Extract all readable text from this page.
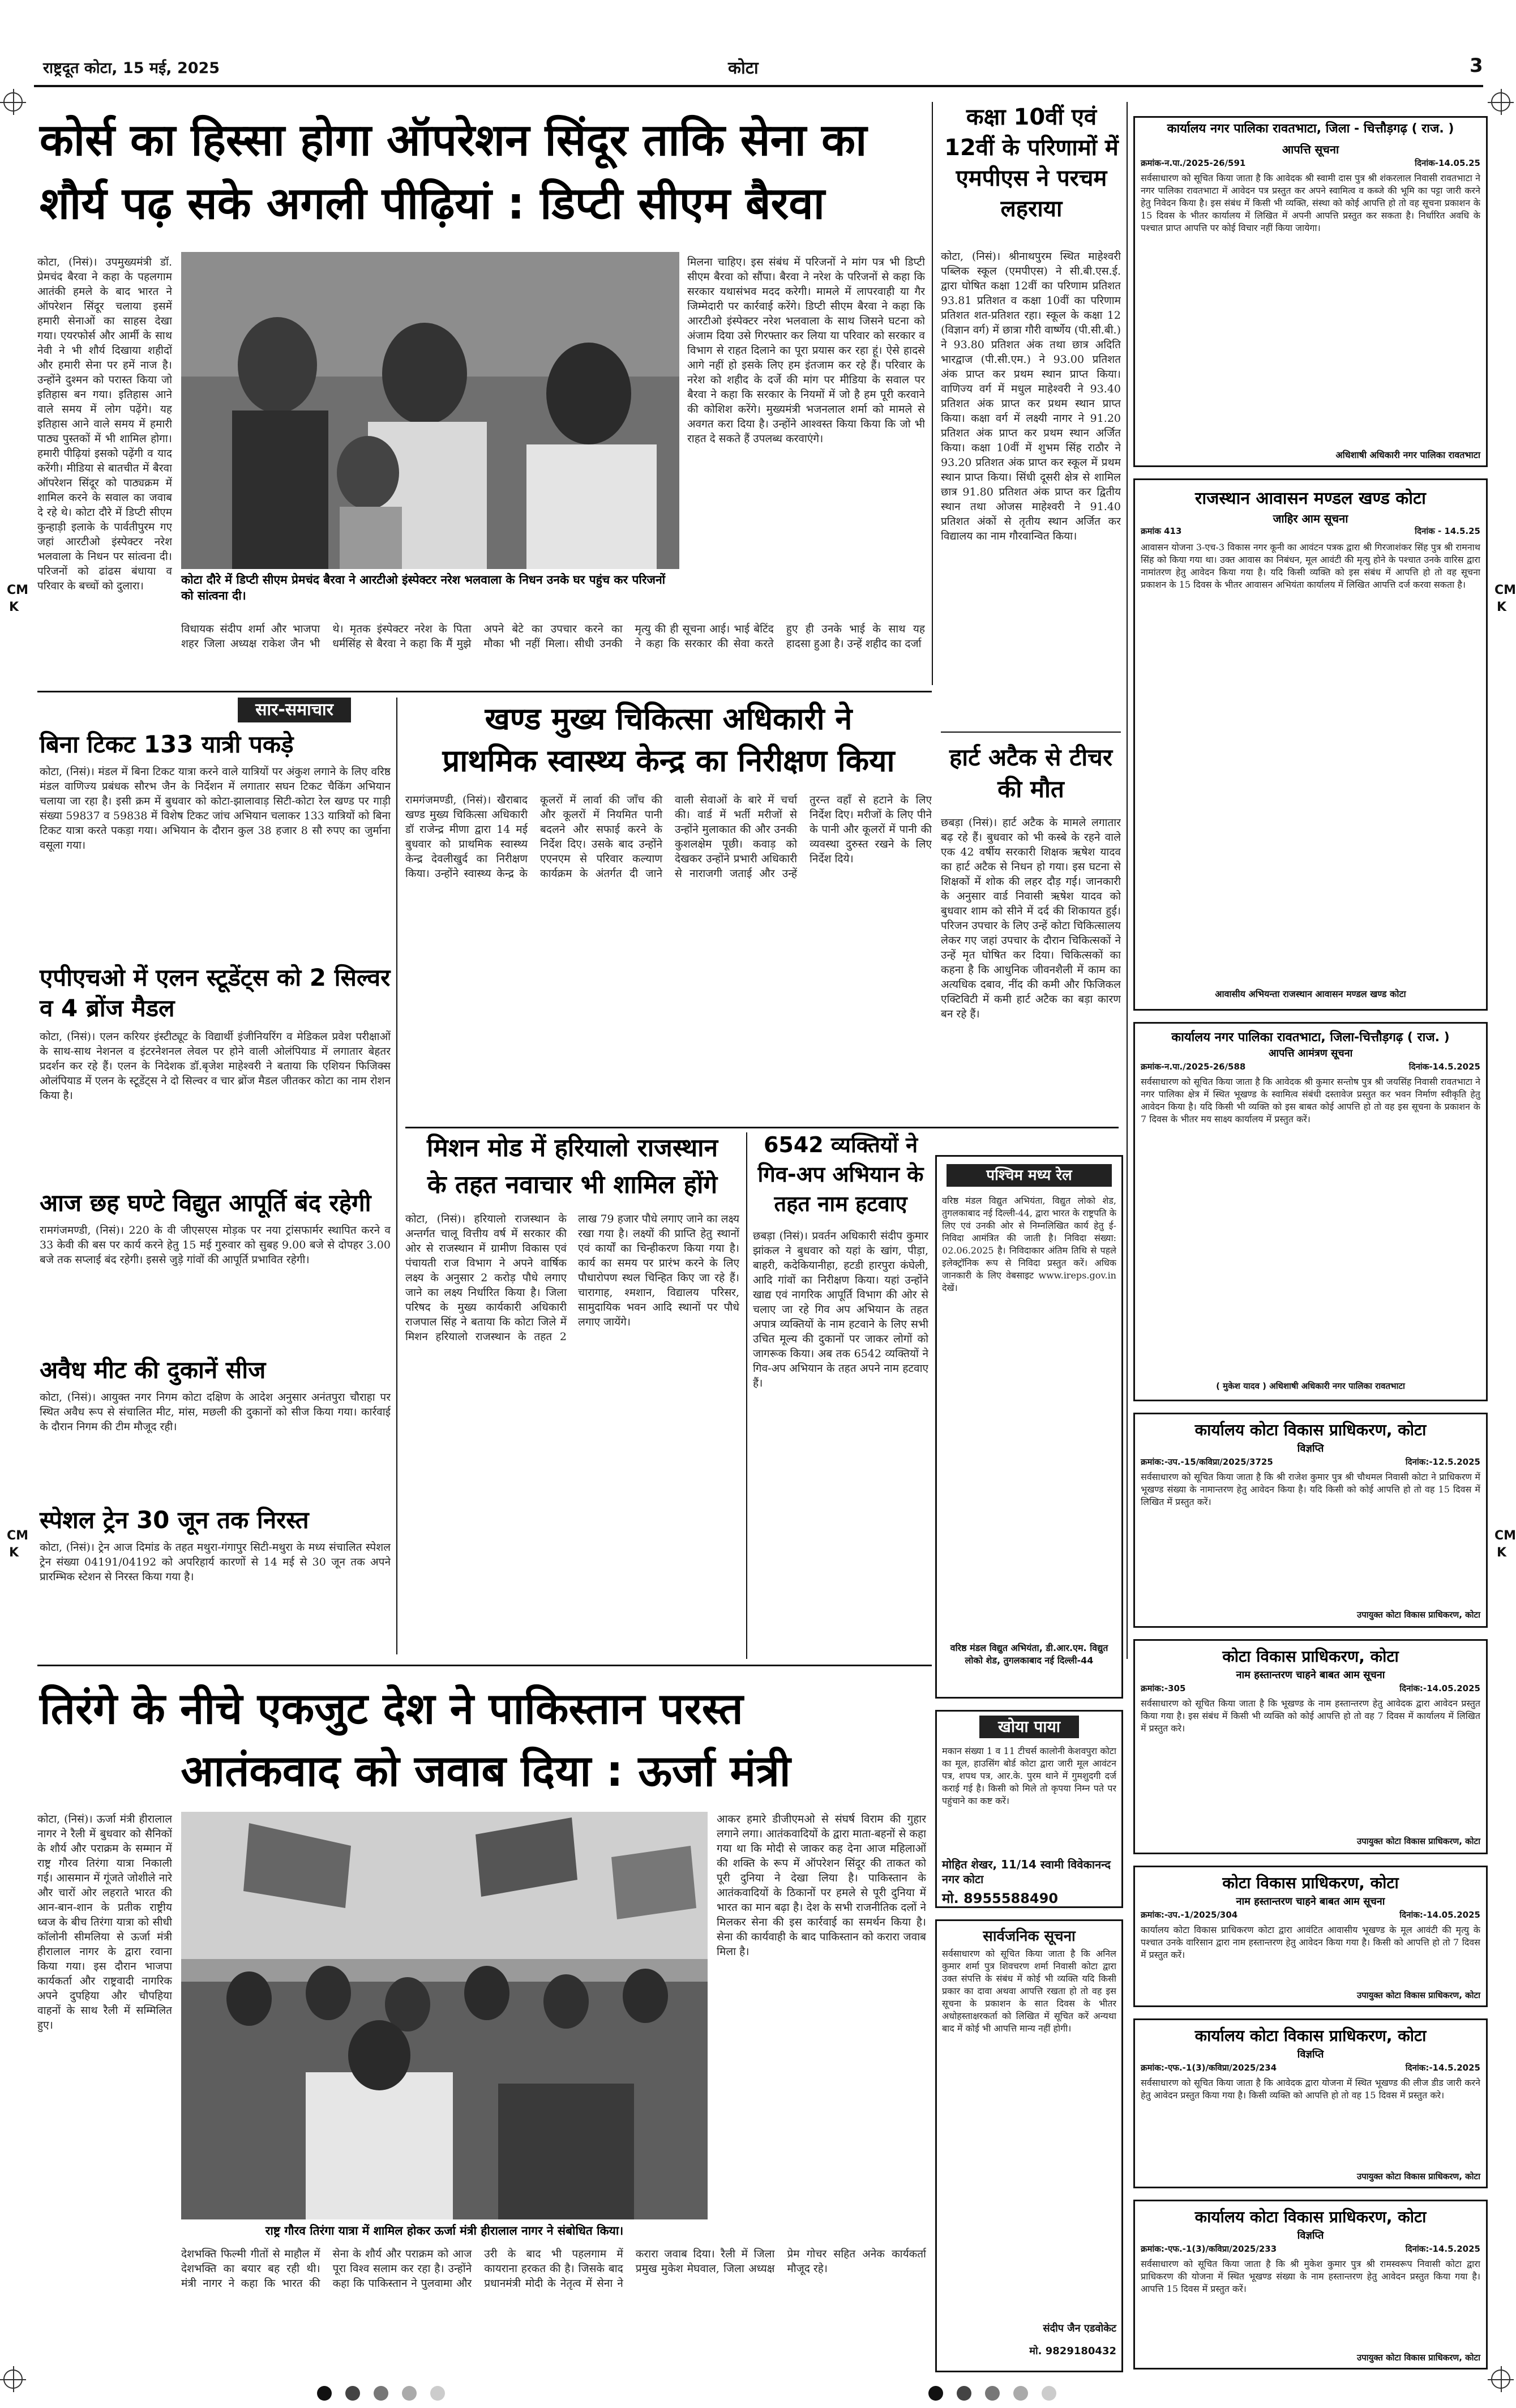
राष्ट्रदूत कोटा, 15 मई, 2025	कोटा	3
CM
K
CM
K
CM
K
CM
K
कोर्स का हिस्सा होगा ऑपरेशन सिंदूर ताकि सेना का
शौर्य पढ़ सके अगली पीढ़ियां : डिप्टी सीएम बैरवा
कोटा, (निसं)। उपमुख्यमंत्री डॉ. प्रेमचंद बैरवा ने कहा के पहलगाम आतंकी हमले के बाद भारत ने ऑपरेशन सिंदूर चलाया इसमें हमारी सेनाओं का साहस देखा गया। एयरफोर्स और आर्मी के साथ नेवी ने भी शौर्य दिखाया शहीदों और हमारी सेना पर हमें नाज है। उन्होंने दुश्मन को परास्त किया जो इतिहास बन गया। इतिहास आने वाले समय में लोग पढ़ेंगे। यह इतिहास आने वाले समय में हमारी पाठ्य पुस्तकों में भी शामिल होगा। हमारी पीढ़ियां इसको पढ़ेंगी व याद करेंगी। मीडिया से बातचीत में बैरवा ऑपरेशन सिंदूर को पाठ्यक्रम में शामिल करने के सवाल का जवाब दे रहे थे। कोटा दौरे में डिप्टी सीएम कुन्हाड़ी इलाके के पार्वतीपुरम गए जहां आरटीओ इंस्पेक्टर नरेश भलवाला के निधन पर सांत्वना दी। परिजनों को ढांढस बंधाया व परिवार के बच्चों को दुलारा।	कोटा दौरे में डिप्टी सीएम प्रेमचंद बैरवा ने आरटीओ इंस्पेक्टर नरेश भलवाला के निधन उनके घर पहुंच कर परिजनों को सांत्वना दी।
मिलना चाहिए। इस संबंध में परिजनों ने मांग पत्र भी डिप्टी सीएम बैरवा को सौंपा। बैरवा ने नरेश के परिजनों से कहा कि सरकार यथासंभव मदद करेगी। मामले में लापरवाही या गैर जिम्मेदारी पर कार्रवाई करेंगे। डिप्टी सीएम बैरवा ने कहा कि आरटीओ इंस्पेक्टर नरेश भलवाला के साथ जिसने घटना को अंजाम दिया उसे गिरफ्तार कर लिया या परिवार को सरकार व विभाग से राहत दिलाने का पूरा प्रयास कर रहा हूं। ऐसे हादसे आगे नहीं हो इसके लिए हम इंतजाम कर रहे हैं। परिवार के नरेश को शहीद के दर्जे की मांग पर मीडिया के सवाल पर बैरवा ने कहा कि सरकार के नियमों में जो है हम पूरी करवाने की कोशिश करेंगे। मुख्यमंत्री भजनलाल शर्मा को मामले से अवगत करा दिया है। उन्होंने आश्वस्त किया किया कि जो भी राहत दे सकते हैं उपलब्ध करवाएंगे।
विधायक संदीप शर्मा और भाजपा शहर जिला अध्यक्ष राकेश जैन भी थे। मृतक इंस्पेक्टर नरेश के पिता धर्मसिंह से बैरवा ने कहा कि मैं मुझे अपने बेटे का उपचार करने का मौका भी नहीं मिला। सीधी उनकी मृत्यु की ही सूचना आई। भाई बेटिंद ने कहा कि सरकार की सेवा करते हुए ही उनके भाई के साथ यह हादसा हुआ है। उन्हें शहीद का दर्जा
कक्षा 10वीं एवं 12वीं के परिणामों में एमपीएस ने परचम लहराया
कोटा, (निसं)। श्रीनाथपुरम स्थित माहेश्वरी पब्लिक स्कूल (एमपीएस) ने सी.बी.एस.ई. द्वारा घोषित कक्षा 12वीं का परिणाम प्रतिशत 93.81 प्रतिशत व कक्षा 10वीं का परिणाम प्रतिशत शत-प्रतिशत रहा। स्कूल के कक्षा 12 (विज्ञान वर्ग) में छात्रा गौरी वार्ष्णेय (पी.सी.बी.) ने 93.80 प्रतिशत अंक तथा छात्र अदिति भारद्वाज (पी.सी.एम.) ने 93.00 प्रतिशत अंक प्राप्त कर प्रथम स्थान प्राप्त किया। वाणिज्य वर्ग में मधुल माहेश्वरी ने 93.40 प्रतिशत अंक प्राप्त कर प्रथम स्थान प्राप्त किया। कक्षा वर्ग में लक्ष्यी नागर ने 91.20 प्रतिशत अंक प्राप्त कर प्रथम स्थान अर्जित किया। कक्षा 10वीं में शुभम सिंह राठौर ने 93.20 प्रतिशत अंक प्राप्त कर स्कूल में प्रथम स्थान प्राप्त किया। सिंधी दूसरी क्षेत्र से शामिल छात्र 91.80 प्रतिशत अंक प्राप्त कर द्वितीय स्थान तथा ओजस माहेश्वरी ने 91.40 प्रतिशत अंकों से तृतीय स्थान अर्जित कर विद्यालय का नाम गौरवान्वित किया।
हार्ट अटैक से टीचर की मौत
छबड़ा (निसं)। हार्ट अटैक के मामले लगातार बढ़ रहे हैं। बुधवार को भी कस्बे के रहने वाले एक 42 वर्षीय सरकारी शिक्षक ऋषेश यादव का हार्ट अटैक से निधन हो गया। इस घटना से शिक्षकों में शोक की लहर दौड़ गई। जानकारी के अनुसार वार्ड निवासी ऋषेश यादव को बुधवार शाम को सीने में दर्द की शिकायत हुई। परिजन उपचार के लिए उन्हें कोटा चिकित्सालय लेकर गए जहां उपचार के दौरान चिकित्सकों ने उन्हें मृत घोषित कर दिया। चिकित्सकों का कहना है कि आधुनिक जीवनशैली में काम का अत्यधिक दबाव, नींद की कमी और फिजिकल एक्टिविटी में कमी हार्ट अटैक का बड़ा कारण बन रहे हैं।
सार-समाचार
बिना टिकट 133 यात्री पकड़े
कोटा, (निसं)। मंडल में बिना टिकट यात्रा करने वाले यात्रियों पर अंकुश लगाने के लिए वरिष्ठ मंडल वाणिज्य प्रबंधक सौरभ जैन के निर्देशन में लगातार सघन टिकट चैकिंग अभियान चलाया जा रहा है। इसी क्रम में बुधवार को कोटा-झालावाड़ सिटी-कोटा रेल खण्ड पर गाड़ी संख्या 59837 व 59838 में विशेष टिकट जांच अभियान चलाकर 133 यात्रियों को बिना टिकट यात्रा करते पकड़ा गया। अभियान के दौरान कुल 38 हजार 8 सौ रुपए का जुर्माना वसूला गया।
एपीएचओ में एलन स्टूडेंट्स को 2 सिल्वर व 4 ब्रोंज मैडल
कोटा, (निसं)। एलन करियर इंस्टीट्यूट के विद्यार्थी इंजीनियरिंग व मेडिकल प्रवेश परीक्षाओं के साथ-साथ नेशनल व इंटरनेशनल लेवल पर होने वाली ओलंपियाड में लगातार बेहतर प्रदर्शन कर रहे हैं। एलन के निदेशक डॉ.बृजेश माहेश्वरी ने बताया कि एशियन फिजिक्स ओलंपियाड में एलन के स्टूडेंट्स ने दो सिल्वर व चार ब्रोंज मैडल जीतकर कोटा का नाम रोशन किया है।
आज छह घण्टे विद्युत आपूर्ति बंद रहेगी
रामगंजमण्डी, (निसं)। 220 के वी जीएसएस मोड़क पर नया ट्रांसफार्मर स्थापित करने व 33 केवी की बस पर कार्य करने हेतु 15 मई गुरुवार को सुबह 9.00 बजे से दोपहर 3.00 बजे तक सप्लाई बंद रहेगी। इससे जुड़े गांवों की आपूर्ति प्रभावित रहेगी।
अवैध मीट की दुकानें सीज
कोटा, (निसं)। आयुक्त नगर निगम कोटा दक्षिण के आदेश अनुसार अनंतपुरा चौराहा पर स्थित अवैध रूप से संचालित मीट, मांस, मछली की दुकानों को सीज किया गया। कार्रवाई के दौरान निगम की टीम मौजूद रही।
स्पेशल ट्रेन 30 जून तक निरस्त
कोटा, (निसं)। ट्रेन आज दिमांड के तहत मथुरा-गंगापुर सिटी-मथुरा के मध्य संचालित स्पेशल ट्रेन संख्या 04191/04192 को अपरिहार्य कारणों से 14 मई से 30 जून तक अपने प्रारम्भिक स्टेशन से निरस्त किया गया है।
खण्ड मुख्य चिकित्सा अधिकारी ने
प्राथमिक स्वास्थ्य केन्द्र का निरीक्षण किया
रामगंजमण्डी, (निसं)। खैराबाद खण्ड मुख्य चिकित्सा अधिकारी डॉ राजेन्द्र मीणा द्वारा 14 मई बुधवार को प्राथमिक स्वास्थ्य केन्द्र देवलीखुर्द का निरीक्षण किया। उन्होंने स्वास्थ्य केन्द्र के कूलरों में लार्वा की जाँच की और कूलरों में नियमित पानी बदलने और सफाई करने के निर्देश दिए। उसके बाद उन्होंने एएनएम से परिवार कल्याण कार्यक्रम के अंतर्गत दी जाने वाली सेवाओं के बारे में चर्चा की। वार्ड में भर्ती मरीजों से उन्होंने मुलाकात की और उनकी कुशलक्षेम पूछी। कवाड़ को देखकर उन्होंने प्रभारी अधिकारी से नाराजगी जताई और उन्हें तुरन्त वहाँ से हटाने के लिए निर्देश दिए। मरीजों के लिए पीने के पानी और कूलरों में पानी की व्यवस्था दुरुस्त रखने के लिए निर्देश दिये।
मिशन मोड में हरियालो राजस्थान
के तहत नवाचार भी शामिल होंगे
कोटा, (निसं)। हरियालो राजस्थान के अन्तर्गत चालू वित्तीय वर्ष में सरकार की ओर से राजस्थान में ग्रामीण विकास एवं पंचायती राज विभाग ने अपने वार्षिक लक्ष्य के अनुसार 2 करोड़ पौधे लगाए जाने का लक्ष्य निर्धारित किया है। जिला परिषद के मुख्य कार्यकारी अधिकारी राजपाल सिंह ने बताया कि कोटा जिले में मिशन हरियालो राजस्थान के तहत 2 लाख 79 हजार पौधे लगाए जाने का लक्ष्य रखा गया है। लक्ष्यों की प्राप्ति हेतु स्थानों एवं कार्यों का चिन्हीकरण किया गया है। कार्य का समय पर प्रारंभ करने के लिए पौधारोपण स्थल चिन्हित किए जा रहे हैं। चारागाह, श्मशान, विद्यालय परिसर, सामुदायिक भवन आदि स्थानों पर पौधे लगाए जायेंगे।
6542 व्यक्तियों ने
गिव-अप अभियान के
तहत नाम हटवाए
छबड़ा (निसं)। प्रवर्तन अधिकारी संदीप कुमार झांकल ने बुधवार को यहां के खांग, पीड़ा, बाहरी, कदेकियानीहा, हटडी हारपुरा कंघेली, आदि गांवों का निरीक्षण किया। यहां उन्होंने खाद्य एवं नागरिक आपूर्ति विभाग की ओर से चलाए जा रहे गिव अप अभियान के तहत अपात्र व्यक्तियों के नाम हटवाने के लिए सभी उचित मूल्य की दुकानों पर जाकर लोगों को जागरूक किया। अब तक 6542 व्यक्तियों ने गिव-अप अभियान के तहत अपने नाम हटवाए हैं।
पश्चिम मध्य रेल
वरिष्ठ मंडल विद्युत अभियंता, विद्युत लोको शेड, तुगलकाबाद नई दिल्ली-44, द्वारा भारत के राष्ट्रपति के लिए एवं उनकी ओर से निम्नलिखित कार्य हेतु ई-निविदा आमंत्रित की जाती है। निविदा संख्या: 02.06.2025 है। निविदाकार अंतिम तिथि से पहले इलेक्ट्रॉनिक रूप से निविदा प्रस्तुत करें। अधिक जानकारी के लिए वेबसाइट www.ireps.gov.in देखें।
वरिष्ठ मंडल विद्युत अभियंता, डी.आर.एम. विद्युत लोको शेड, तुगलकाबाद नई दिल्ली-44
खोया पाया
मकान संख्या 1 व 11 टीचर्स कालोनी केशवपुरा कोटा का मूल, हाउसिंग बोर्ड कोटा द्वारा जारी मूल आवंटन पत्र, शपथ पत्र, आर.के. पुरम थाने में गुमशुदगी दर्ज कराई गई है। किसी को मिले तो कृपया निम्न पते पर पहुंचाने का कष्ट करें।
मोहित शेखर, 11/14 स्वामी विवेकानन्द नगर कोटा
मो. 8955588490
सार्वजनिक सूचना
सर्वसाधारण को सूचित किया जाता है कि अनिल कुमार शर्मा पुत्र शिवचरण शर्मा निवासी कोटा द्वारा उक्त संपत्ति के संबंध में कोई भी व्यक्ति यदि किसी प्रकार का दावा अथवा आपत्ति रखता हो तो वह इस सूचना के प्रकाशन के सात दिवस के भीतर अधोहस्ताक्षरकर्ता को लिखित में सूचित करें अन्यथा बाद में कोई भी आपत्ति मान्य नहीं होगी।
संदीप जैन एडवोकेट
मो. 9829180432
तिरंगे के नीचे एकजुट देश ने पाकिस्तान परस्त
आतंकवाद को जवाब दिया : ऊर्जा मंत्री
कोटा, (निसं)। ऊर्जा मंत्री हीरालाल नागर ने रैली में बुधवार को सैनिकों के शौर्य और पराक्रम के सम्मान में राष्ट्र गौरव तिरंगा यात्रा निकाली गई। आसमान में गूंजते जोशीले नारे और चारों ओर लहराते भारत की आन-बान-शान के प्रतीक राष्ट्रीय ध्वज के बीच तिरंगा यात्रा को सीधी कॉलोनी सीमलिया से ऊर्जा मंत्री हीरालाल नागर के द्वारा रवाना किया गया। इस दौरान भाजपा कार्यकर्ता और राष्ट्रवादी नागरिक अपने दुपहिया और चौपहिया वाहनों के साथ रैली में सम्मिलित हुए।
राष्ट्र गौरव तिरंगा यात्रा में शामिल होकर ऊर्जा मंत्री हीरालाल नागर ने संबोधित किया।
आकर हमारे डीजीएमओ से संघर्ष विराम की गुहार लगाने लगा। आतंकवादियों के द्वारा माता-बहनों से कहा गया था कि मोदी से जाकर कह देना आज महिलाओं की शक्ति के रूप में ऑपरेशन सिंदूर की ताकत को पूरी दुनिया ने देखा लिया है। पाकिस्तान के आतंकवादियों के ठिकानों पर हमले से पूरी दुनिया में भारत का मान बढ़ा है। देश के सभी राजनीतिक दलों ने मिलकर सेना की इस कार्रवाई का समर्थन किया है। सेना की कार्यवाही के बाद पाकिस्तान को करारा जवाब मिला है।
देशभक्ति फिल्मी गीतों से माहौल में देशभक्ति का बयार बह रही थी। मंत्री नागर ने कहा कि भारत की सेना के शौर्य और पराक्रम को आज पूरा विश्व सलाम कर रहा है। उन्होंने कहा कि पाकिस्तान ने पुलवामा और उरी के बाद भी पहलगाम में कायराना हरकत की है। जिसके बाद प्रधानमंत्री मोदी के नेतृत्व में सेना ने करारा जवाब दिया। रैली में जिला प्रमुख मुकेश मेघवाल, जिला अध्यक्ष प्रेम गोचर सहित अनेक कार्यकर्ता मौजूद रहे।
कार्यालय नगर पालिका रावतभाटा, जिला - चित्तौड़गढ़ ( राज. )
आपत्ति सूचना
क्रमांक-न.पा./2025-26/591	दिनांक-14.05.25
सर्वसाधारण को सूचित किया जाता है कि आवेदक श्री स्वामी दास पुत्र श्री शंकरलाल निवासी रावतभाटा ने नगर पालिका रावतभाटा में आवेदन पत्र प्रस्तुत कर अपने स्वामित्व व कब्जे की भूमि का पट्टा जारी करने हेतु निवेदन किया है। इस संबंध में किसी भी व्यक्ति, संस्था को कोई आपत्ति हो तो वह सूचना प्रकाशन के 15 दिवस के भीतर कार्यालय में लिखित में अपनी आपत्ति प्रस्तुत कर सकता है। निर्धारित अवधि के पश्चात प्राप्त आपत्ति पर कोई विचार नहीं किया जायेगा।
अधिशाषी अधिकारी नगर पालिका रावतभाटा
राजस्थान आवासन मण्डल खण्ड कोटा
जाहिर आम सूचना
क्रमांक 413	दिनांक - 14.5.25
आवासन योजना 3-एच-3 विकास नगर कूनी का आवंटन पत्रक द्वारा श्री गिरजाशंकर सिंह पुत्र श्री रामनाथ सिंह को किया गया था। उक्त आवास का निबंधन, मूल आवंटी की मृत्यु होने के पश्चात उनके वारिस द्वारा नामांतरण हेतु आवेदन किया गया है। यदि किसी व्यक्ति को इस संबंध में आपत्ति हो तो वह सूचना प्रकाशन के 15 दिवस के भीतर आवासन अभियंता कार्यालय में लिखित आपत्ति दर्ज करवा सकता है।
आवासीय अभियन्ता राजस्थान आवासन मण्डल खण्ड कोटा
कार्यालय नगर पालिका रावतभाटा, जिला-चित्तौड़गढ़ ( राज. )
आपत्ति आमंत्रण सूचना
क्रमांक-न.पा./2025-26/588	दिनांक-14.5.2025
सर्वसाधारण को सूचित किया जाता है कि आवेदक श्री कुमार सन्तोष पुत्र श्री जयसिंह निवासी रावतभाटा ने नगर पालिका क्षेत्र में स्थित भूखण्ड के स्वामित्व संबंधी दस्तावेज प्रस्तुत कर भवन निर्माण स्वीकृति हेतु आवेदन किया है। यदि किसी भी व्यक्ति को इस बाबत कोई आपत्ति हो तो वह इस सूचना के प्रकाशन के 7 दिवस के भीतर मय साक्ष्य कार्यालय में प्रस्तुत करें।
( मुकेश यादव ) अधिशाषी अधिकारी नगर पालिका रावतभाटा
कार्यालय कोटा विकास प्राधिकरण, कोटा
विज्ञप्ति
क्रमांक:-उप.-15/कविप्रा/2025/3725	दिनांक:-12.5.2025
सर्वसाधारण को सूचित किया जाता है कि श्री राजेश कुमार पुत्र श्री चौथमल निवासी कोटा ने प्राधिकरण में भूखण्ड संख्या के नामान्तरण हेतु आवेदन किया है। यदि किसी को कोई आपत्ति हो तो वह 15 दिवस में लिखित में प्रस्तुत करें।
उपायुक्त कोटा विकास प्राधिकरण, कोटा
कोटा विकास प्राधिकरण, कोटा
नाम हस्तान्तरण चाहने बाबत आम सूचना
क्रमांक:-305	दिनांक:-14.05.2025
सर्वसाधारण को सूचित किया जाता है कि भूखण्ड के नाम हस्तान्तरण हेतु आवेदक द्वारा आवेदन प्रस्तुत किया गया है। इस संबंध में किसी भी व्यक्ति को कोई आपत्ति हो तो वह 7 दिवस में कार्यालय में लिखित में प्रस्तुत करे।
उपायुक्त कोटा विकास प्राधिकरण, कोटा
कोटा विकास प्राधिकरण, कोटा
नाम हस्तान्तरण चाहने बाबत आम सूचना
क्रमांक:-उप.-1/2025/304	दिनांक:-14.05.2025
कार्यालय कोटा विकास प्राधिकरण कोटा द्वारा आवंटित आवासीय भूखण्ड के मूल आवंटी की मृत्यु के पश्चात उनके वारिसान द्वारा नाम हस्तान्तरण हेतु आवेदन किया गया है। किसी को आपत्ति हो तो 7 दिवस में प्रस्तुत करें।
उपायुक्त कोटा विकास प्राधिकरण, कोटा
कार्यालय कोटा विकास प्राधिकरण, कोटा
विज्ञप्ति
क्रमांक:-एफ.-1(3)/कविप्रा/2025/234	दिनांक:-14.5.2025
सर्वसाधारण को सूचित किया जाता है कि आवेदक द्वारा योजना में स्थित भूखण्ड की लीज डीड जारी करने हेतु आवेदन प्रस्तुत किया गया है। किसी व्यक्ति को आपत्ति हो तो वह 15 दिवस में प्रस्तुत करे।
उपायुक्त कोटा विकास प्राधिकरण, कोटा
कार्यालय कोटा विकास प्राधिकरण, कोटा
विज्ञप्ति
क्रमांक:-एफ.-1(3)/कविप्रा/2025/233	दिनांक:-14.5.2025
सर्वसाधारण को सूचित किया जाता है कि श्री मुकेश कुमार पुत्र श्री रामस्वरूप निवासी कोटा द्वारा प्राधिकरण की योजना में स्थित भूखण्ड संख्या के नाम हस्तान्तरण हेतु आवेदन प्रस्तुत किया गया है। आपत्ति 15 दिवस में प्रस्तुत करें।
उपायुक्त कोटा विकास प्राधिकरण, कोटा
